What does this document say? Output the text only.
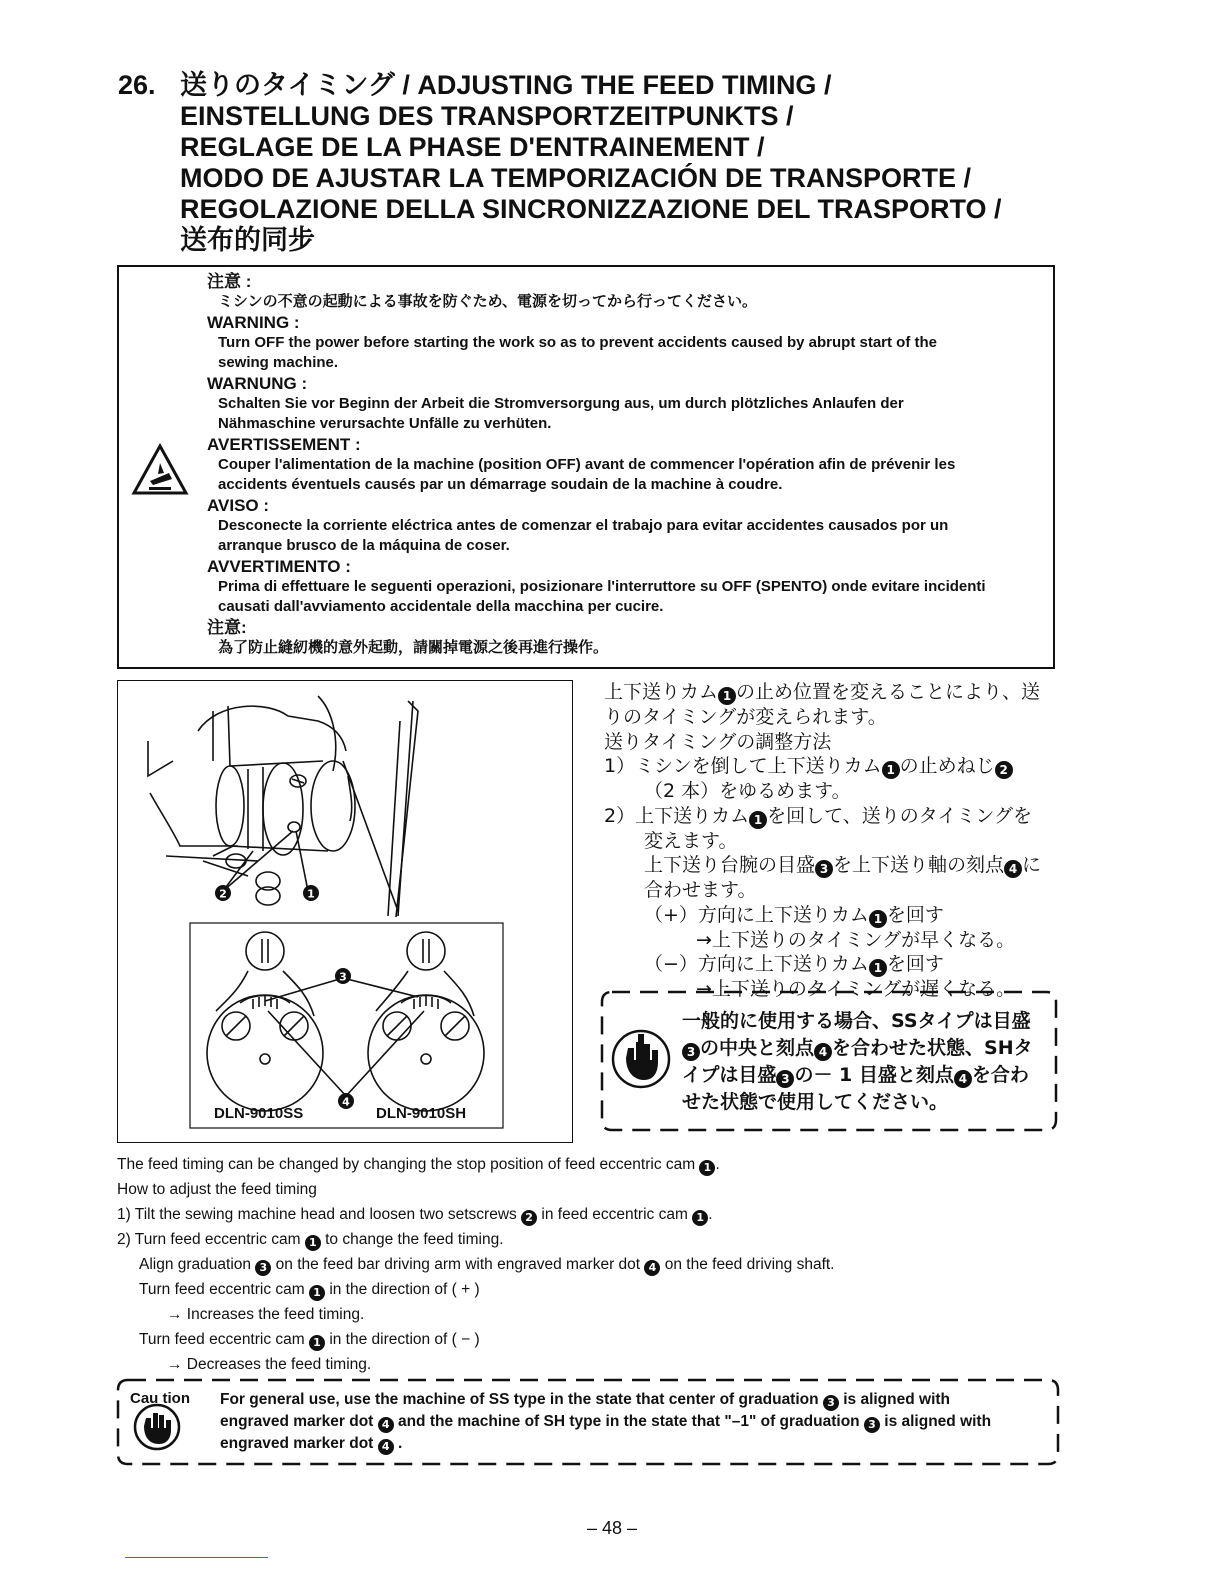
26. 送りのタイミング / ADJUSTING THE FEED TIMING /
EINSTELLUNG DES TRANSPORTZEITPUNKTS /
REGLAGE DE LA PHASE D'ENTRAINEMENT /
MODO DE AJUSTAR LA TEMPORIZACIÓN DE TRANSPORTE /
REGOLAZIONE DELLA SINCRONIZZAZIONE DEL TRASPORTO /
送布的同步
注意 :
ミシンの不意の起動による事故を防ぐため、電源を切ってから行ってください。
WARNING :
Turn OFF the power before starting the work so as to prevent accidents caused by abrupt start of the
sewing machine.
WARNUNG :
Schalten Sie vor Beginn der Arbeit die Stromversorgung aus, um durch plötzliches Anlaufen der
Nähmaschine verursachte Unfälle zu verhüten.
AVERTISSEMENT :
Couper l'alimentation de la machine (position OFF) avant de commencer l'opération afin de prévenir les
accidents éventuels causés par un démarrage soudain de la machine à coudre.
AVISO :
Desconecte la corriente eléctrica antes de comenzar el trabajo para evitar accidentes causados por un
arranque brusco de la máquina de coser.
AVVERTIMENTO :
Prima di effettuare le seguenti operazioni, posizionare l'interruttore su OFF (SPENTO) onde evitare incidenti
causati dall'avviamento accidentale della macchina per cucire.
注意:
為了防止縫紉機的意外起動，請關掉電源之後再進行操作。
2	1
3
4
DLN-9010SS	DLN-9010SH
上下送りカム 1 の止め位置を変えることにより、送
りのタイミングが変えられます。
送りタイミングの調整方法
1）ミシンを倒して上下送りカム 1 の止めねじ 2
（2 本）をゆるめます。
2）上下送りカム 1 を回して、送りのタイミングを
変えます。
上下送り台腕の目盛 3 を上下送り軸の刻点 4 に
合わせます。
（+）方向に上下送りカム 1 を回す
→上下送りのタイミングが早くなる。
（−）方向に上下送りカム 1 を回す
→上下送りのタイミングが遅くなる。
一般的に使用する場合、SSタイプは目盛
3 の中央と刻点 4 を合わせた状態、SHタ
イプは目盛 3 の－ 1 目盛と刻点 4 を合わ
せた状態で使用してください。
The feed timing can be changed by changing the stop position of feed eccentric cam 1 .
How to adjust the feed timing
1) Tilt the sewing machine head and loosen two setscrews 2 in feed eccentric cam 1 .
2) Turn feed eccentric cam 1 to change the feed timing.
Align graduation 3 on the feed bar driving arm with engraved marker dot 4 on the feed driving shaft.
Turn feed eccentric cam 1 in the direction of ( + )
→ Increases the feed timing.
Turn feed eccentric cam 1 in the direction of ( − )
→ Decreases the feed timing.
Cau tion For general use, use the machine of SS type in the state that center of graduation 3 is aligned with
engraved marker dot 4 and the machine of SH type in the state that "–1" of graduation 3 is aligned with
engraved marker dot 4 .
– 48 –
